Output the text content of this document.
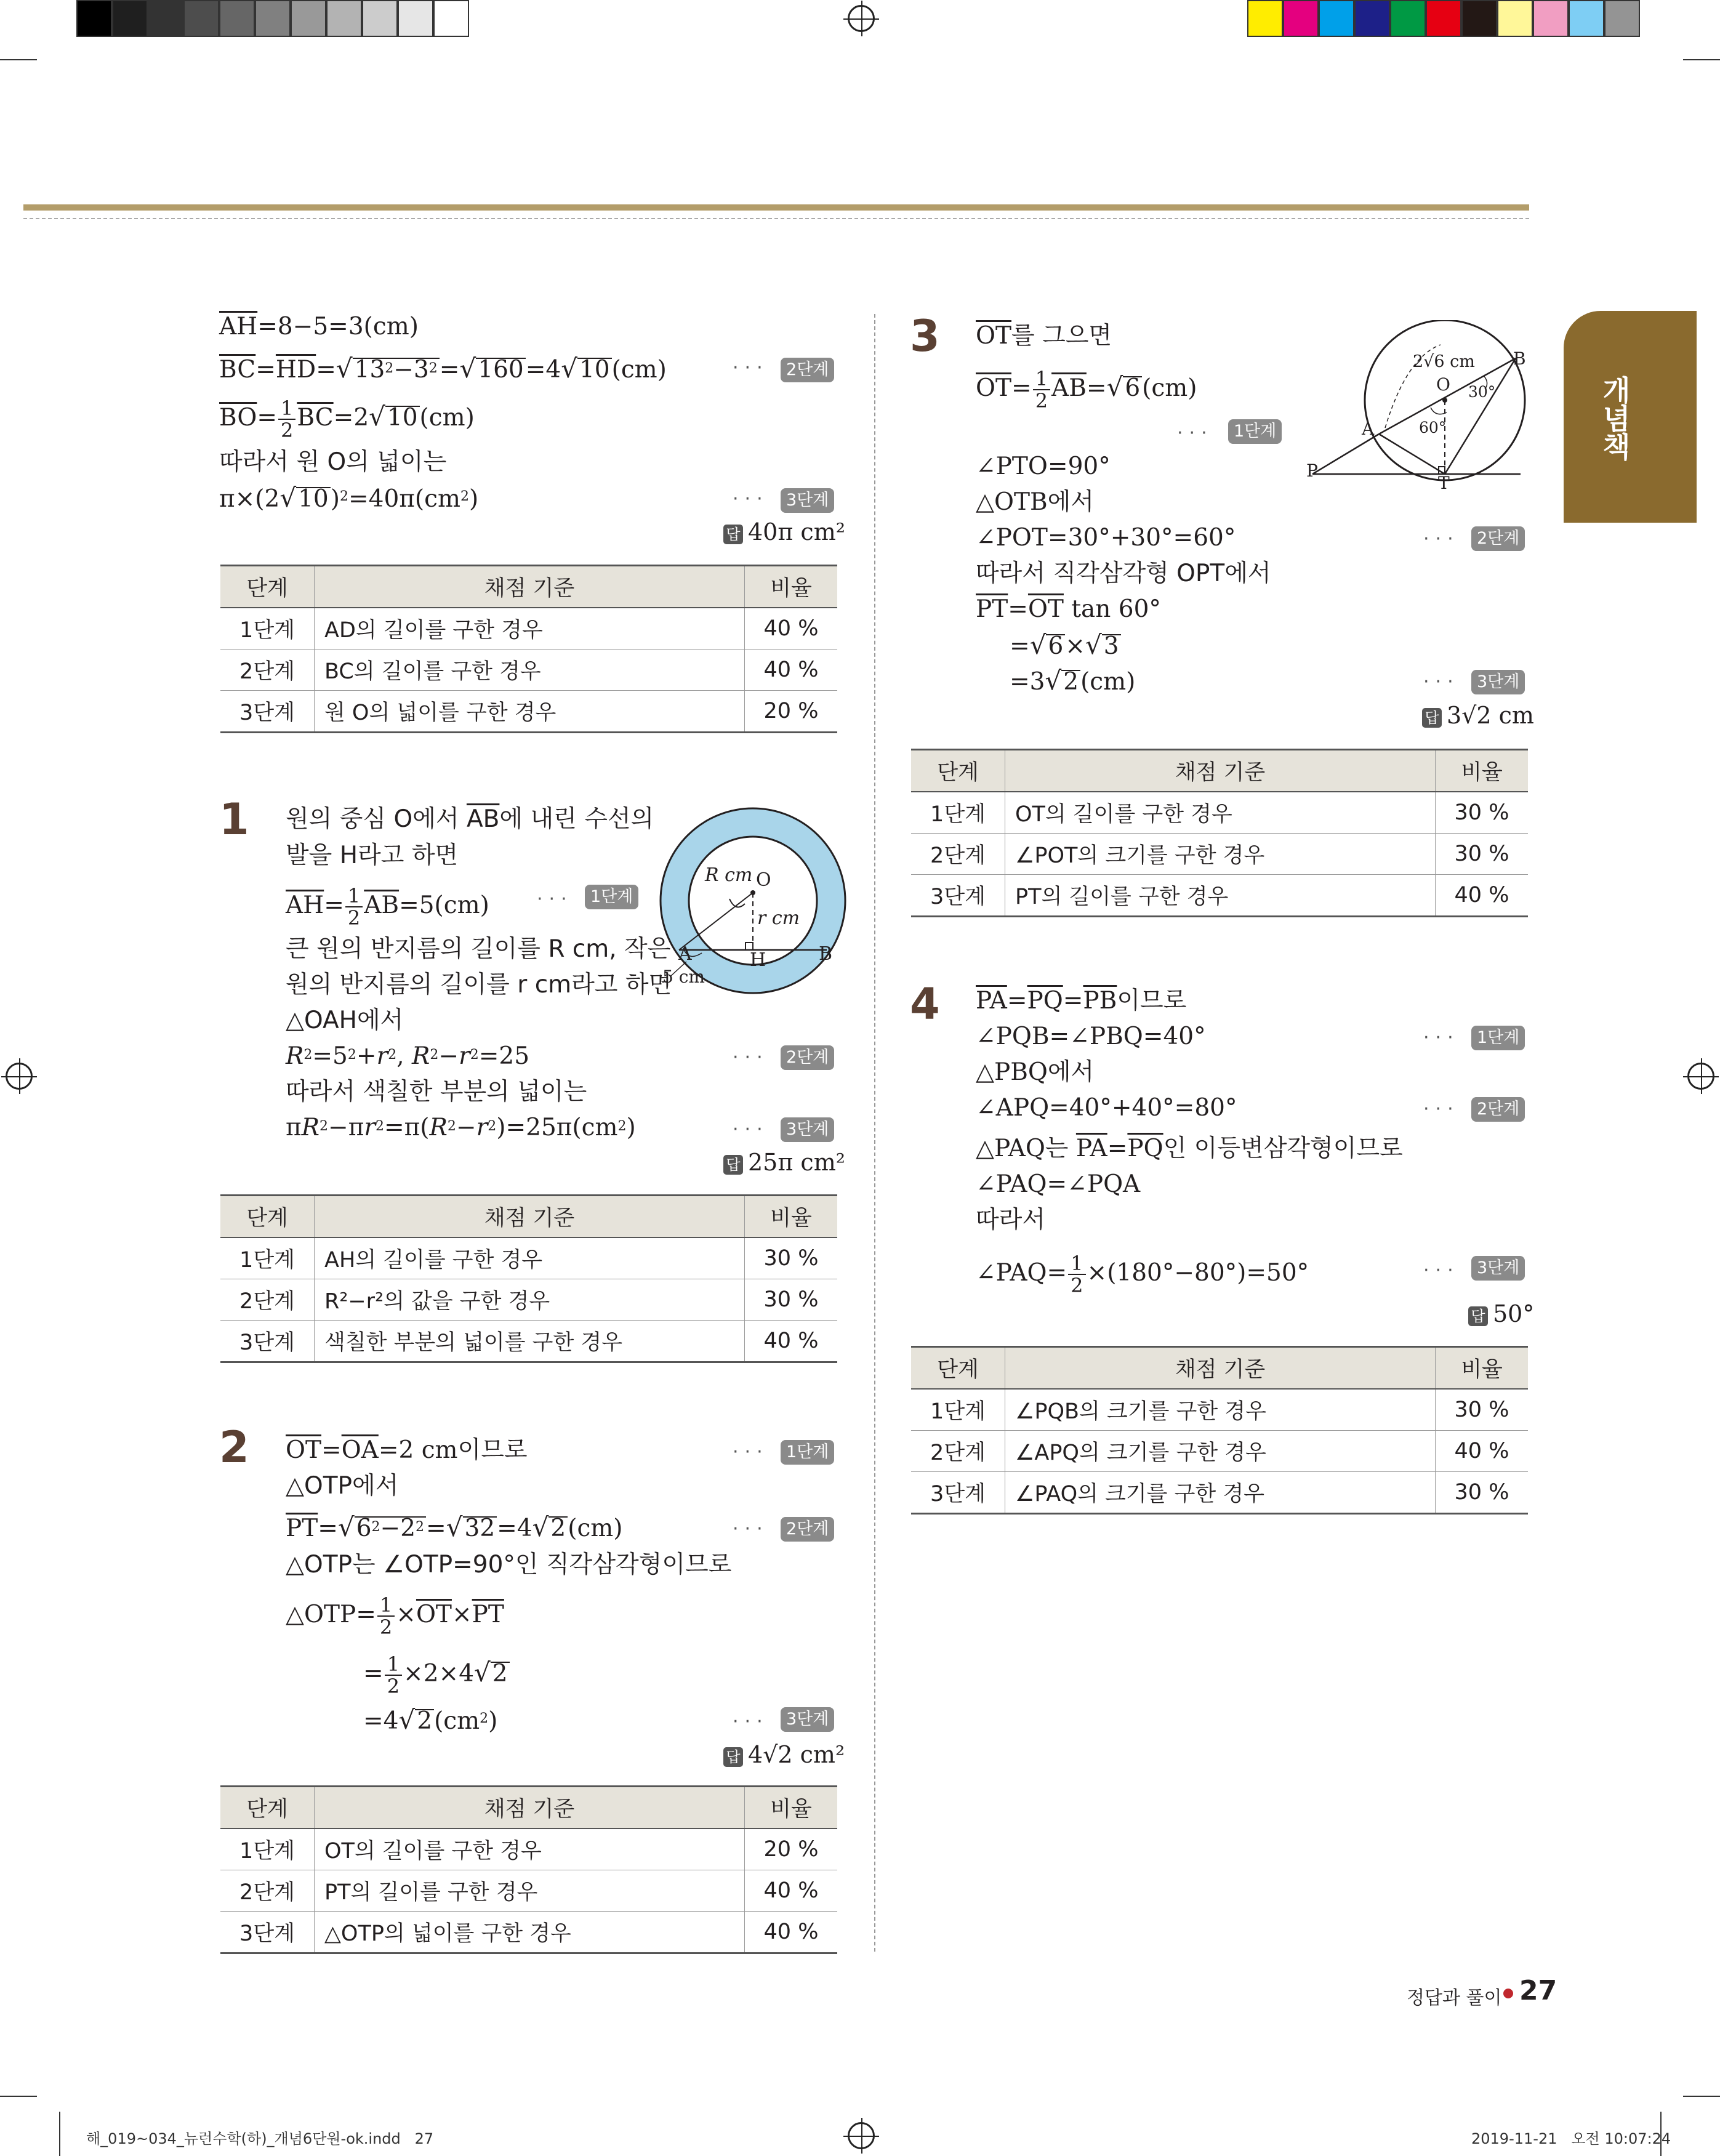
개념책
$\overline{AH}=8-5=3(cm)$
$\overline{BC}=\overline{HD}=√13^2-3^2=√160=4√10(cm)$	···	2단계
$\overline{BO}= \frac{1}{2} \overline{BC}=2√10(cm)$
따라서 원 O의 넓이는
$\pi\times(2√10)^2=40\pi(cm^2)$	···	3단계
답 40π cm²
단계	채점 기준	비율
1단계	AD의 길이를 구한 경우	40 %
2단계	BC의 길이를 구한 경우	40 %
3단계	원 O의 넓이를 구한 경우	20 %
1 원의 중심 O에서 $\overline{AB}$에 내린 수선의
발을 H라고 하면
$\overline{AH}= \frac{1}{2} \overline{AB}=5(cm)$	···	1단계
큰 원의 반지름의 길이를 R cm, 작은
원의 반지름의 길이를 r cm라고 하면
△OAH에서
$R^2=5^2+r^2$, $R^2-r^2=25$	···	2단계
따라서 색칠한 부분의 넓이는
$\pi R^2-\pi r^2=\pi(R^2-r^2)=25\pi(cm^2)$	···	3단계
답 25π cm²
R cm O
r cm
A	H	B
5 cm
단계	채점 기준	비율
1단계	AH의 길이를 구한 경우	30 %
2단계	R²−r²의 값을 구한 경우	30 %
3단계	색칠한 부분의 넓이를 구한 경우	40 %
2 $\overline{OT}=\overline{OA}=2$ cm이므로	···	1단계
△OTP에서
$\overline{PT}=√6^2-2^2=√32=4√2(cm)$	···	2단계
△OTP는 ∠OTP=90°인 직각삼각형이므로
△OTP= $\frac{1}{2} \times\overline{OT}\times\overline{PT}$
= $\frac{1}{2} \times 2\times 4√2$
$=4√2(cm^2)$	···	3단계
답 4√2 cm²
단계	채점 기준	비율
1단계	OT의 길이를 구한 경우	20 %
2단계	PT의 길이를 구한 경우	40 %
3단계	△OTP의 넓이를 구한 경우	40 %
3 $\overline{OT}$를 그으면
$\overline{OT}= \frac{1}{2} \overline{AB}=√6(cm)$
···	1단계
∠PTO=90°
△OTB에서
∠POT=30°+30°=60°	···	2단계
따라서 직각삼각형 OPT에서
$\overline{PT}=\overline{OT}$ tan 60°
=√6×√3
=3√2(cm)	···	3단계
답 3√2 cm
2√6 cm
O
B
30°
A	60°
P
T
단계	채점 기준	비율
1단계	OT의 길이를 구한 경우	30 %
2단계	∠POT의 크기를 구한 경우	30 %
3단계	PT의 길이를 구한 경우	40 %
4 $\overline{PA}=\overline{PQ}=\overline{PB}$이므로
∠PQB=∠PBQ=40°	···	1단계
△PBQ에서
∠APQ=40°+40°=80°	···	2단계
△PAQ는 $\overline{PA}=\overline{PQ}$인 이등변삼각형이므로
∠PAQ=∠PQA
따라서
∠PAQ= $\frac{1}{2} \times(180^\circ-80^\circ)=50^\circ$	···	3단계
답 50°
단계	채점 기준	비율
1단계	∠PQB의 크기를 구한 경우	30 %
2단계	∠APQ의 크기를 구한 경우	40 %
3단계	∠PAQ의 크기를 구한 경우	30 %
정답과 풀이 27
해_019~034_뉴런수학(하)_개념6단원-ok.indd   27	2019-11-21   오전 10:07:24
